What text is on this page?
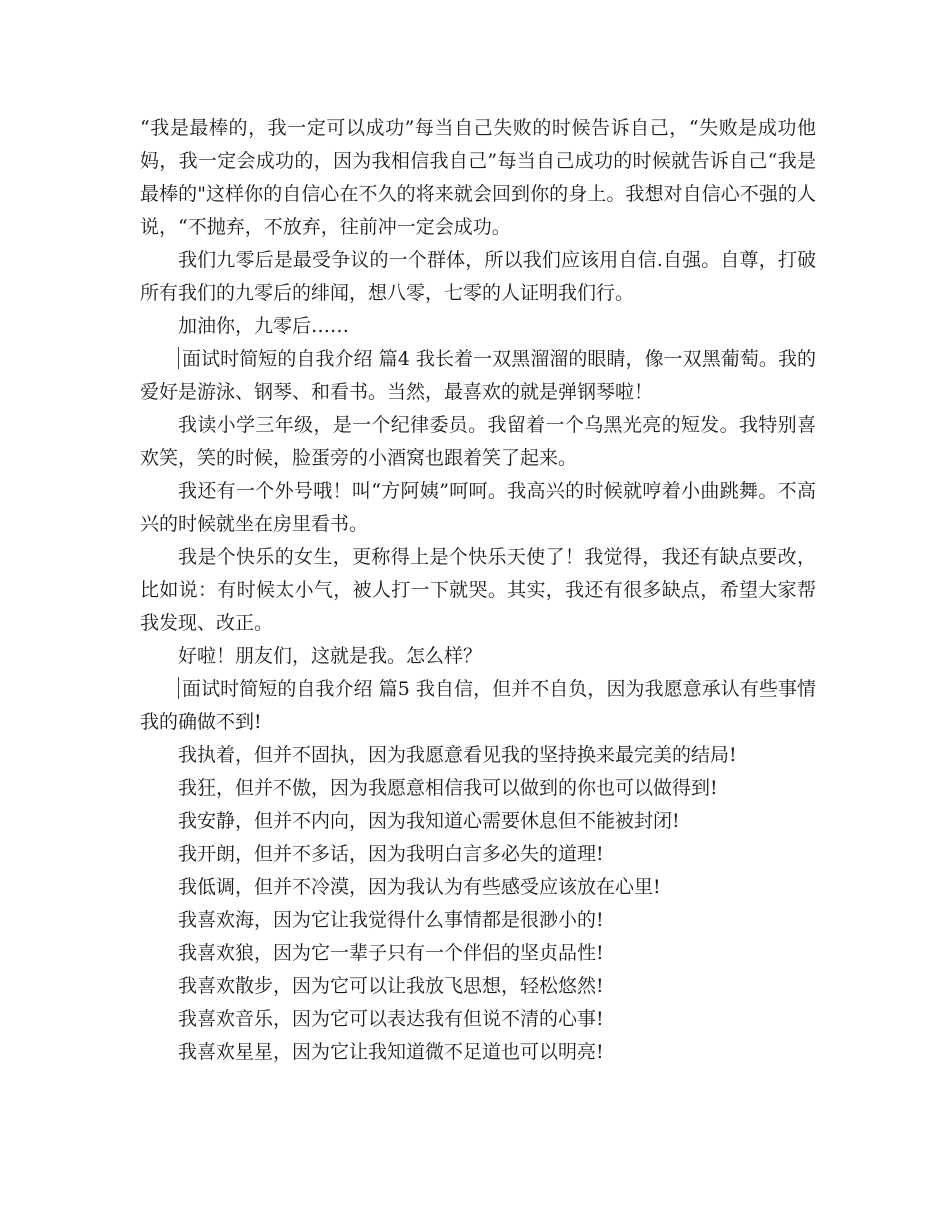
“我是最棒的，我一定可以成功”每当自己失败的时候告诉自己，“失败是成功他妈，我一定会成功的，因为我相信我自己”每当自己成功的时候就告诉自己“我是最棒的"这样你的自信心在不久的将来就会回到你的身上。我想对自信心不强的人说，“不抛弃，不放弃，往前冲一定会成功。

我们九零后是最受争议的一个群体，所以我们应该用自信.自强。自尊，打破所有我们的九零后的绯闻，想八零，七零的人证明我们行。

加油你，九零后……

面试时简短的自我介绍 篇4 我长着一双黑溜溜的眼睛，像一双黑葡萄。我的爱好是游泳、钢琴、和看书。当然，最喜欢的就是弹钢琴啦！

我读小学三年级，是一个纪律委员。我留着一个乌黑光亮的短发。我特别喜欢笑，笑的时候，脸蛋旁的小酒窝也跟着笑了起来。

我还有一个外号哦！叫“方阿姨”呵呵。我高兴的时候就哼着小曲跳舞。不高兴的时候就坐在房里看书。

我是个快乐的女生，更称得上是个快乐天使了！我觉得，我还有缺点要改，比如说：有时候太小气，被人打一下就哭。其实，我还有很多缺点，希望大家帮我发现、改正。

好啦！朋友们，这就是我。怎么样？

面试时简短的自我介绍 篇5 我自信，但并不自负，因为我愿意承认有些事情我的确做不到!

我执着，但并不固执，因为我愿意看见我的坚持换来最完美的结局!

我狂，但并不傲，因为我愿意相信我可以做到的你也可以做得到!

我安静，但并不内向，因为我知道心需要休息但不能被封闭!

我开朗，但并不多话，因为我明白言多必失的道理!

我低调，但并不冷漠，因为我认为有些感受应该放在心里!

我喜欢海，因为它让我觉得什么事情都是很渺小的!

我喜欢狼，因为它一辈子只有一个伴侣的坚贞品性!

我喜欢散步，因为它可以让我放飞思想，轻松悠然!

我喜欢音乐，因为它可以表达我有但说不清的心事!

我喜欢星星，因为它让我知道微不足道也可以明亮!
